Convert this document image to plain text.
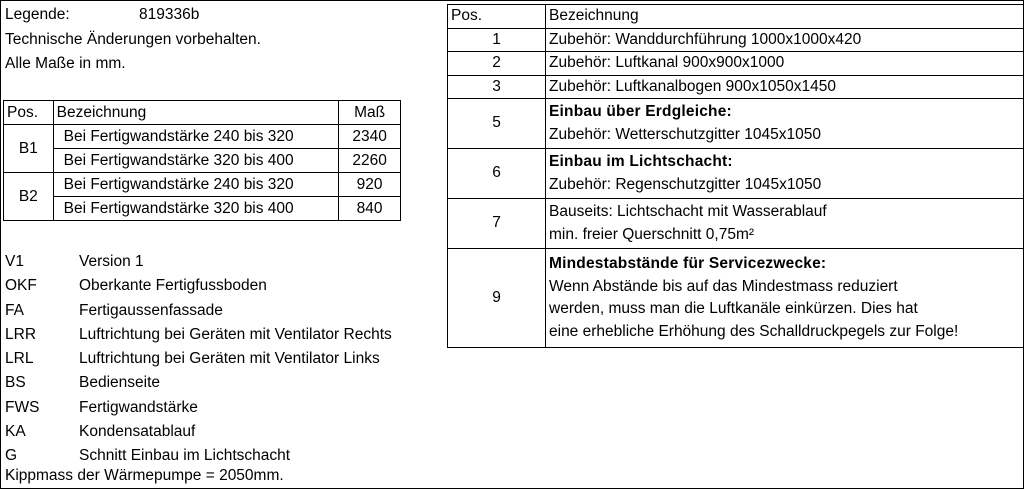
Legende:	819336b
Technische Änderungen vorbehalten.
Alle Maße in mm.
Pos.	Bezeichnung	Maß
B1	Bei Fertigwandstärke 240 bis 320	2340
	Bei Fertigwandstärke 320 bis 400	2260
B2	Bei Fertigwandstärke 240 bis 320	920
	Bei Fertigwandstärke 320 bis 400	840
V1	Version 1
OKF	Oberkante Fertigfussboden
FA	Fertigaussenfassade
LRR	Luftrichtung bei Geräten mit Ventilator Rechts
LRL	Luftrichtung bei Geräten mit Ventilator Links
BS	Bedienseite
FWS	Fertigwandstärke
KA	Kondensatablauf
G	Schnitt Einbau im Lichtschacht
Kippmass der Wärmepumpe = 2050mm.
Pos.	Bezeichnung
1	Zubehör: Wanddurchführung 1000x1000x420
2	Zubehör: Luftkanal 900x900x1000
3	Zubehör: Luftkanalbogen 900x1050x1450
5	Einbau über Erdgleiche:
Zubehör: Wetterschutzgitter 1045x1050

6	Einbau im Lichtschacht:
Zubehör: Regenschutzgitter 1045x1050

7	Bauseits: Lichtschacht mit Wasserablauf
min. freier Querschnitt 0,75m²

9	Mindestabstände für Servicezwecke:
Wenn Abstände bis auf das Mindestmass reduziert
werden, muss man die Luftkanäle einkürzen. Dies hat
eine erhebliche Erhöhung des Schalldruckpegels zur Folge!
